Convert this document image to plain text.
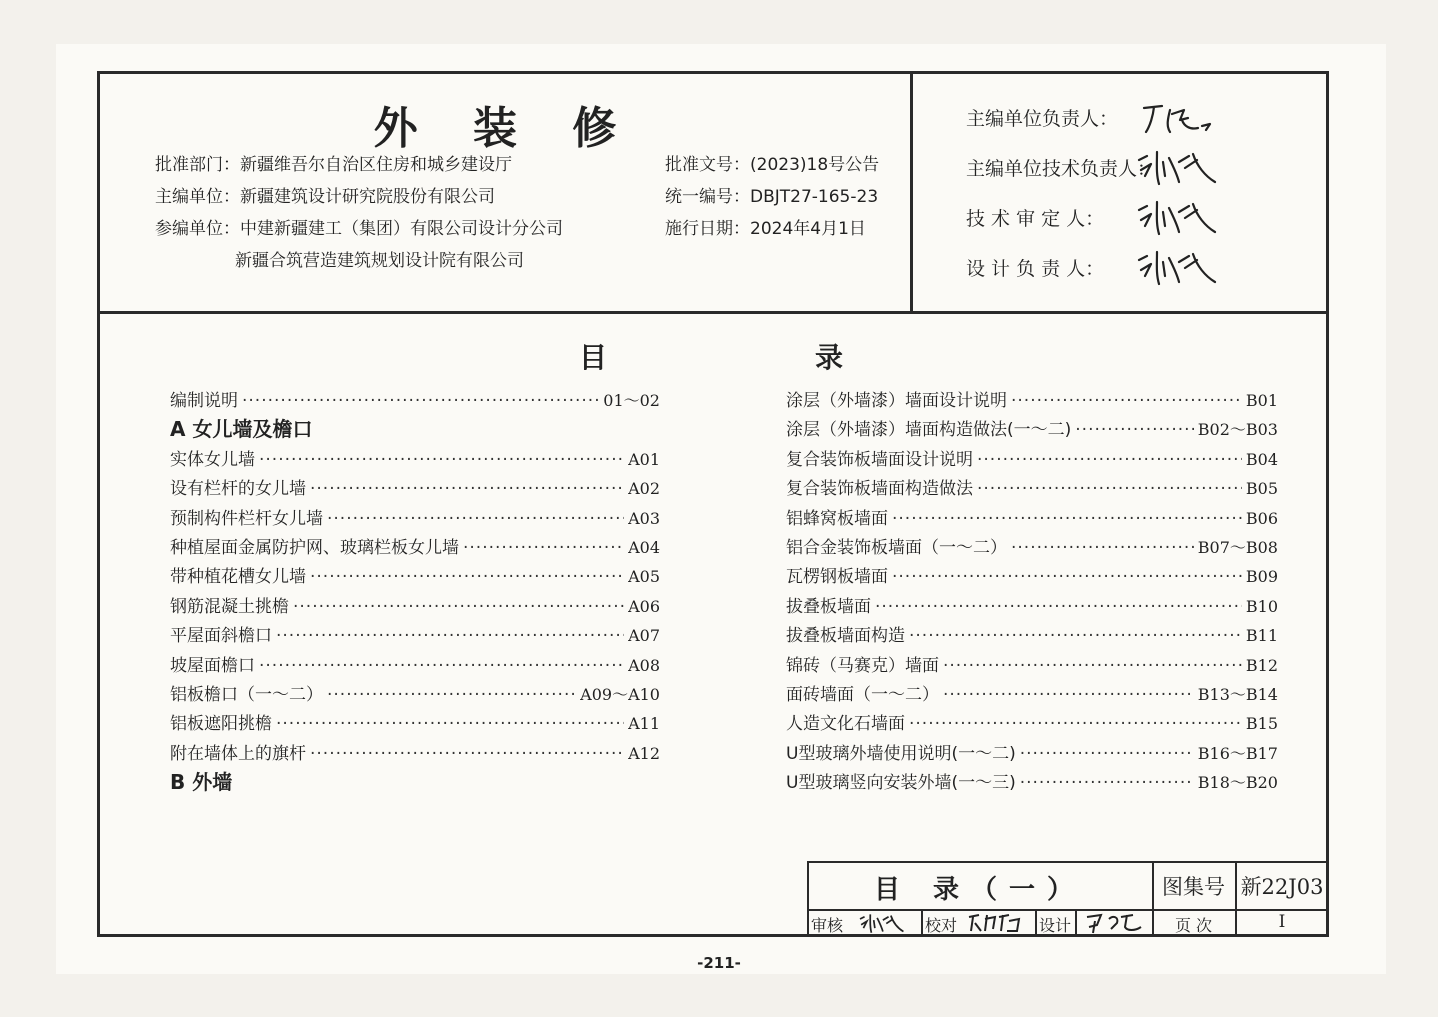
外 装 修
批准部门：新疆维吾尔自治区住房和城乡建设厅
主编单位：新疆建筑设计研究院股份有限公司
参编单位：中建新疆建工（集团）有限公司设计分公司
新疆合筑营造建筑规划设计院有限公司
批准文号：(2023)18号公告
统一编号：DBJT27-165-23
施行日期：2024年4月1日
主编单位负责人：
主编单位技术负责人：
技 术 审 定 人：
设 计 负 责 人：
目　录
编制说明 ·····	01～02
A 女儿墙及檐口
实体女儿墙 ·····	A01
设有栏杆的女儿墙 ·····	A02
预制构件栏杆女儿墙 ·····	A03
种植屋面金属防护网、玻璃栏板女儿墙 ·····	A04
带种植花槽女儿墙 ·····	A05
钢筋混凝土挑檐 ·····	A06
平屋面斜檐口 ·····	A07
坡屋面檐口 ·····	A08
铝板檐口（一～二） ·····	A09～A10
铝板遮阳挑檐 ·····	A11
附在墙体上的旗杆 ·····	A12
B 外墙
涂层（外墙漆）墙面设计说明 ·····	B01
涂层（外墙漆）墙面构造做法(一～二) ·····	B02～B03
复合装饰板墙面设计说明 ·····	B04
复合装饰板墙面构造做法 ·····	B05
铝蜂窝板墙面 ·····	B06
铝合金装饰板墙面（一～二） ·····	B07～B08
瓦楞钢板墙面 ·····	B09
拔叠板墙面 ·····	B10
拔叠板墙面构造 ·····	B11
锦砖（马赛克）墙面 ·····	B12
面砖墙面（一～二） ·····	B13～B14
人造文化石墙面 ·····	B15
U型玻璃外墙使用说明(一～二) ·····	B16～B17
U型玻璃竖向安装外墙(一～三) ·····	B18～B20
目 录（一）	图集号 新22J03
审核	校对	设计	页 次	I
-211-
